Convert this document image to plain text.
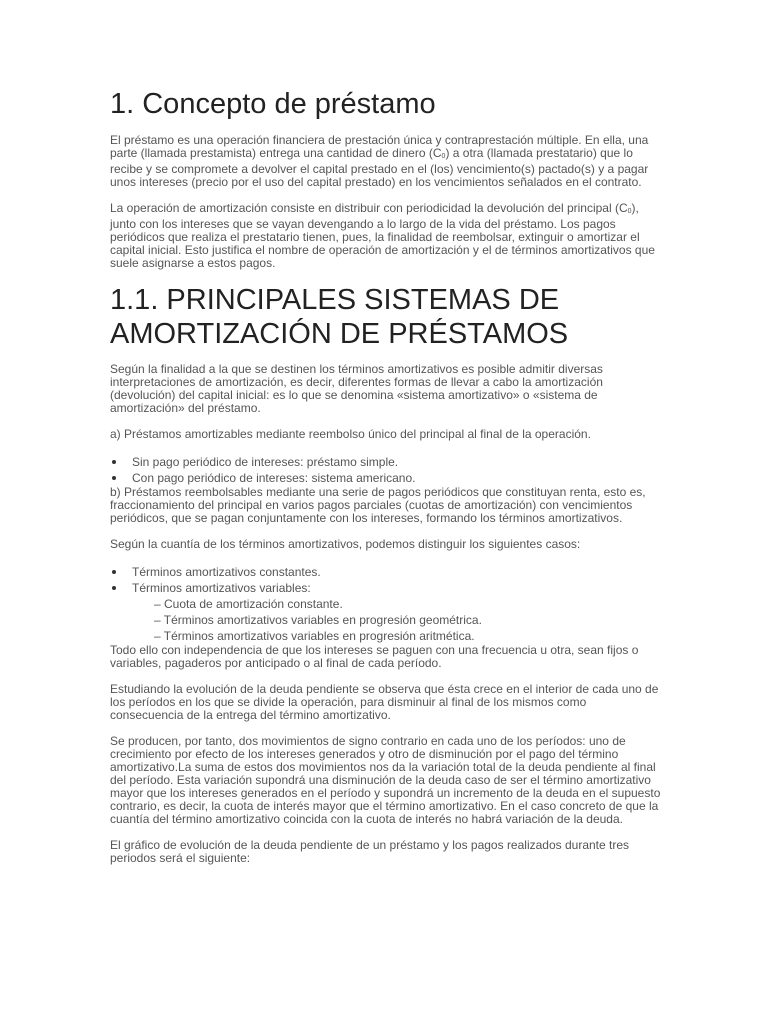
1. Concepto de préstamo

El préstamo es una operación financiera de prestación única y contraprestación múltiple. En ella, una parte (llamada prestamista) entrega una cantidad de dinero $(C_0)$ a otra (llamada prestatario) que lo recibe y se compromete a devolver el capital prestado en el (los) vencimiento(s) pactado(s) y a pagar unos intereses (precio por el uso del capital prestado) en los vencimientos señalados en el contrato.

La operación de amortización consiste en distribuir con periodicidad la devolución del principal $(C_0)$, junto con los intereses que se vayan devengando a lo largo de la vida del préstamo. Los pagos periódicos que realiza el prestatario tienen, pues, la finalidad de reembolsar, extinguir o amortizar el capital inicial. Esto justifica el nombre de operación de amortización y el de términos amortizativos que suele asignarse a estos pagos.

1.1. PRINCIPALES SISTEMAS DE AMORTIZACIÓN DE PRÉSTAMOS

Según la finalidad a la que se destinen los términos amortizativos es posible admitir diversas interpretaciones de amortización, es decir, diferentes formas de llevar a cabo la amortización (devolución) del capital inicial: es lo que se denomina «sistema amortizativo» o «sistema de amortización» del préstamo.

a) Préstamos amortizables mediante reembolso único del principal al final de la operación.

Sin pago periódico de intereses: préstamo simple.
Con pago periódico de intereses: sistema americano.

b) Préstamos reembolsables mediante una serie de pagos periódicos que constituyan renta, esto es, fraccionamiento del principal en varios pagos parciales (cuotas de amortización) con vencimientos periódicos, que se pagan conjuntamente con los intereses, formando los términos amortizativos.

Según la cuantía de los términos amortizativos, podemos distinguir los siguientes casos:

Términos amortizativos constantes.
Términos amortizativos variables:
– Cuota de amortización constante.
– Términos amortizativos variables en progresión geométrica.
– Términos amortizativos variables en progresión aritmética.

Todo ello con independencia de que los intereses se paguen con una frecuencia u otra, sean fijos o variables, pagaderos por anticipado o al final de cada período.

Estudiando la evolución de la deuda pendiente se observa que ésta crece en el interior de cada uno de los períodos en los que se divide la operación, para disminuir al final de los mismos como consecuencia de la entrega del término amortizativo.

Se producen, por tanto, dos movimientos de signo contrario en cada uno de los períodos: uno de crecimiento por efecto de los intereses generados y otro de disminución por el pago del término amortizativo.La suma de estos dos movimientos nos da la variación total de la deuda pendiente al final del período. Esta variación supondrá una disminución de la deuda caso de ser el término amortizativo mayor que los intereses generados en el período y supondrá un incremento de la deuda en el supuesto contrario, es decir, la cuota de interés mayor que el término amortizativo. En el caso concreto de que la cuantía del término amortizativo coincida con la cuota de interés no habrá variación de la deuda.

El gráfico de evolución de la deuda pendiente de un préstamo y los pagos realizados durante tres periodos será el siguiente:
